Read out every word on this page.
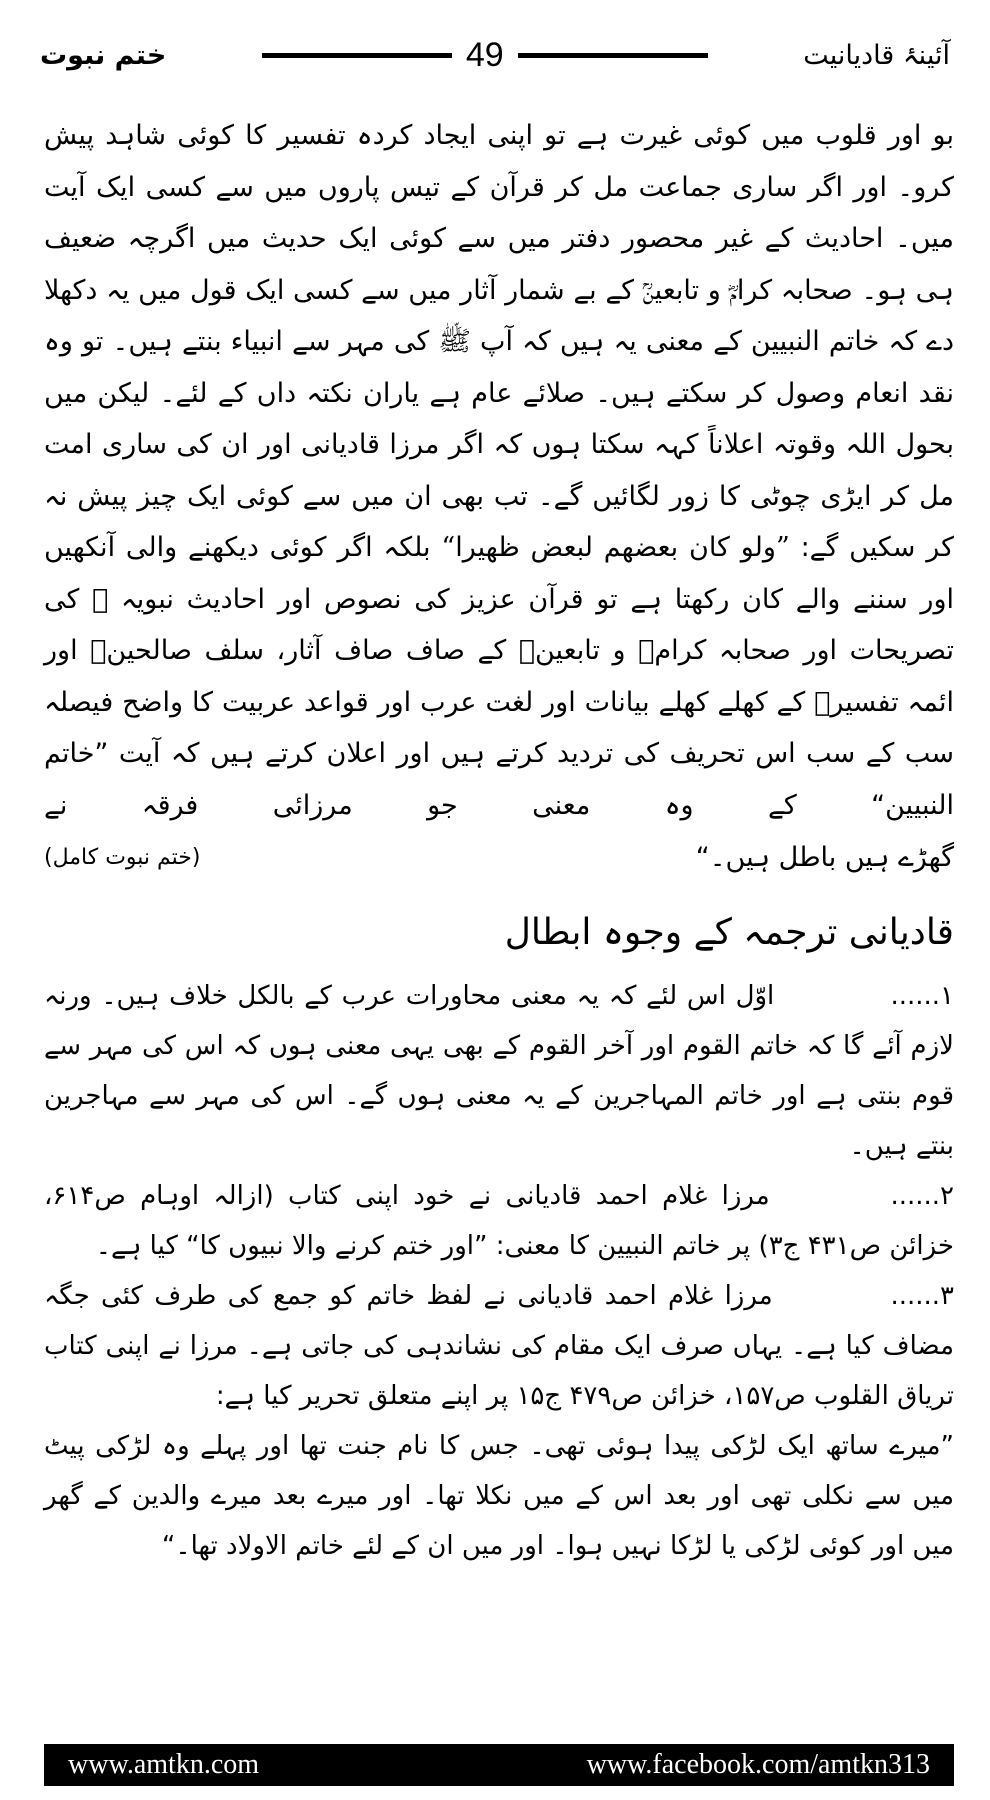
ختم نبوت	49	آئینۂ قادیانیت

بو اور قلوب میں کوئی غیرت ہے تو اپنی ایجاد کردہ تفسیر کا کوئی شاہد پیش کرو۔ اور اگر ساری جماعت مل کر قرآن کے تیس پاروں میں سے کسی ایک آیت میں۔ احادیث کے غیر محصور دفتر میں سے کوئی ایک حدیث میں اگرچہ ضعیف ہی ہو۔ صحابہ کرامؓ و تابعینؒ کے بے شمار آثار میں سے کسی ایک قول میں یہ دکھلا دے کہ خاتم النبیین کے معنی یہ ہیں کہ آپ ﷺ کی مہر سے انبیاء بنتے ہیں۔ تو وہ نقد انعام وصول کر سکتے ہیں۔ صلائے عام ہے یاران نکتہ داں کے لئے۔ لیکن میں بحول اللہ وقوتہ اعلاناً کہہ سکتا ہوں کہ اگر مرزا قادیانی اور ان کی ساری امت مل کر ایڑی چوٹی کا زور لگائیں گے۔ تب بھی ان میں سے کوئی ایک چیز پیش نہ کر سکیں گے: ”ولو کان بعضهم لبعض ظهیرا“ بلکہ اگر کوئی دیکھنے والی آنکھیں اور سننے والے کان رکھتا ہے تو قرآن عزیز کی نصوص اور احادیث نبویہ ﷺ کی تصریحات اور صحابہ کرامؓ و تابعینؒ کے صاف صاف آثار، سلف صالحینؒ اور ائمہ تفسیرؒ کے کھلے کھلے بیانات اور لغت عرب اور قواعد عربیت کا واضح فیصلہ سب کے سب اس تحریف کی تردید کرتے ہیں اور اعلان کرتے ہیں کہ آیت ”خاتم النبیین“ کے وہ معنی جو مرزائی فرقہ نے

گھڑے ہیں باطل ہیں۔“
(ختم نبوت کامل)
قادیانی ترجمہ کے وجوہ ابطال

۱...... اوّل اس لئے کہ یہ معنی محاورات عرب کے بالکل خلاف ہیں۔ ورنہ لازم آئے گا کہ خاتم القوم اور آخر القوم کے بھی یہی معنی ہوں کہ اس کی مہر سے قوم بنتی ہے اور خاتم المہاجرین کے یہ معنی ہوں گے۔ اس کی مہر سے مہاجرین بنتے ہیں۔

۲...... مرزا غلام احمد قادیانی نے خود اپنی کتاب (ازالہ اوہام ص۶۱۴، خزائن ص۴۳۱ ج۳) پر خاتم النبیین کا معنی: ”اور ختم کرنے والا نبیوں کا“ کیا ہے۔

۳...... مرزا غلام احمد قادیانی نے لفظ خاتم کو جمع کی طرف کئی جگہ مضاف کیا ہے۔ یہاں صرف ایک مقام کی نشاندہی کی جاتی ہے۔ مرزا نے اپنی کتاب تریاق القلوب ص۱۵۷، خزائن ص۴۷۹ ج۱۵ پر اپنے متعلق تحریر کیا ہے:

”میرے ساتھ ایک لڑکی پیدا ہوئی تھی۔ جس کا نام جنت تھا اور پہلے وہ لڑکی پیٹ میں سے نکلی تھی اور بعد اس کے میں نکلا تھا۔ اور میرے بعد میرے والدین کے گھر میں اور کوئی لڑکی یا لڑکا نہیں ہوا۔ اور میں ان کے لئے خاتم الاولاد تھا۔“

www.amtkn.com	www.facebook.com/amtkn313
